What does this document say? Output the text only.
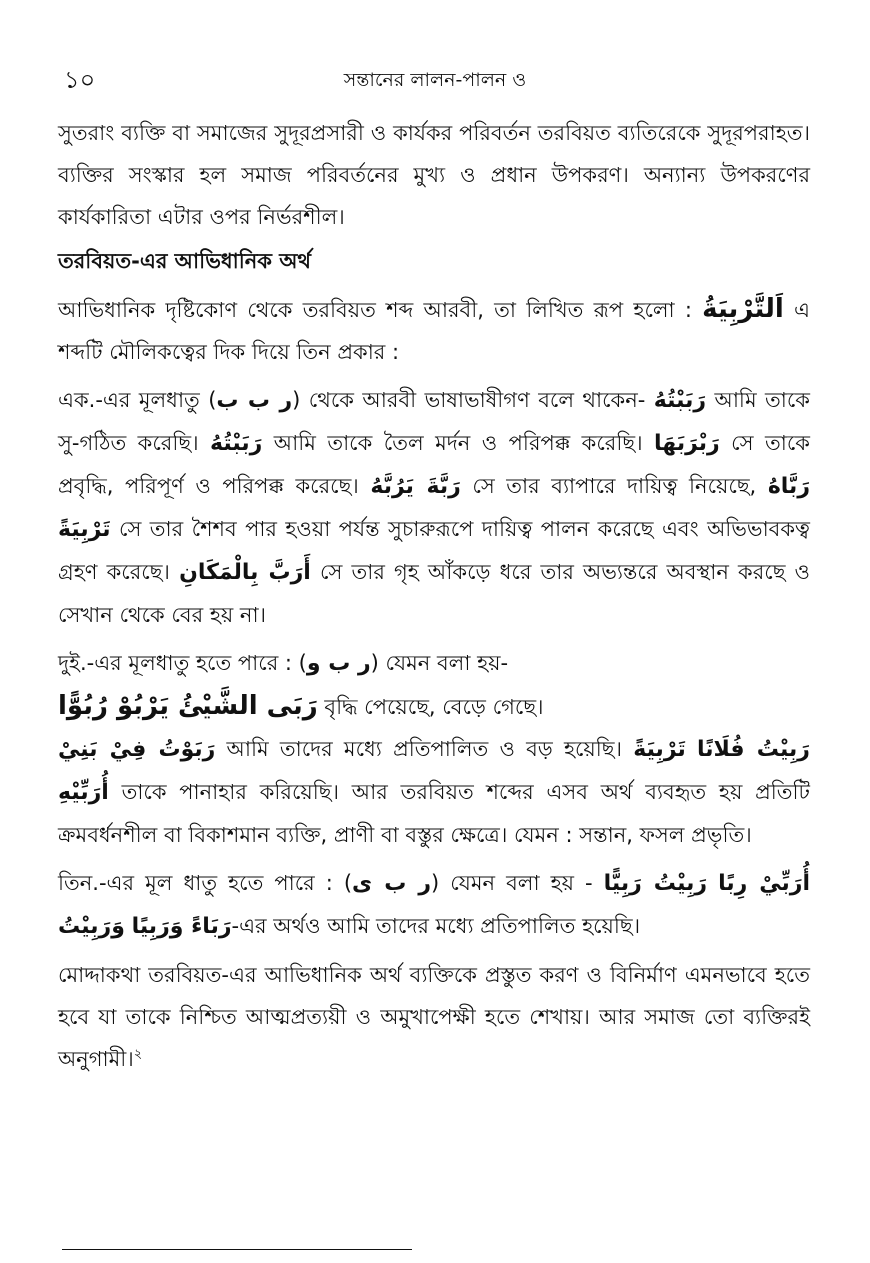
১০	সন্তানের লালন-পালন ও

সুতরাং ব্যক্তি বা সমাজের সুদূরপ্রসারী ও কার্যকর পরিবর্তন তরবিয়ত ব্যতিরেকে সুদূরপরাহত। ব্যক্তির সংস্কার হল সমাজ পরিবর্তনের মুখ্য ও প্রধান উপকরণ। অন্যান্য উপকরণের কার্যকারিতা এটার ওপর নির্ভরশীল।

তরবিয়ত-এর আভিধানিক অর্থ

আভিধানিক দৃষ্টিকোণ থেকে তরবিয়ত শব্দ আরবী, তা লিখিত রূপ হলো : اَلتَّرْبِيَةُ এ শব্দটি মৌলিকত্বের দিক দিয়ে তিন প্রকার :

এক.-এর মূলধাতু (ر ب ب) থেকে আরবী ভাষাভাষীগণ বলে থাকেন- رَبَبْتُهُ আমি তাকে সু-গঠিত করেছি। رَبَبْتُهُ আমি তাকে তৈল মর্দন ও পরিপক্ক করেছি। رَبْرَبَهَا সে তাকে প্রবৃদ্ধি, পরিপূর্ণ ও পরিপক্ক করেছে। رَبَّةَ يَرُبَّهُ সে তার ব্যাপারে দায়িত্ব নিয়েছে, رَبَّاهُ تَرْبِيَةً সে তার শৈশব পার হওয়া পর্যন্ত সুচারুরূপে দায়িত্ব পালন করেছে এবং অভিভাবকত্ব গ্রহণ করেছে। أَرَبَّ بِالْمَكَانِ সে তার গৃহ আঁকড়ে ধরে তার অভ্যন্তরে অবস্থান করছে ও সেখান থেকে বের হয় না।

দুই.-এর মূলধাতু হতে পারে : (ر ب و) যেমন বলা হয়-
رَبَى الشَّيْئُ يَرْبُوْ رُبُوًّا বৃদ্ধি পেয়েছে, বেড়ে গেছে।
رَبَوْتُ فِيْ بَنِيْ আমি তাদের মধ্যে প্রতিপালিত ও বড় হয়েছি। تَرْبِيَةً رَبِيْتُ فُلَانًا أُرَبِّيْهِ তাকে পানাহার করিয়েছি। আর তরবিয়ত শব্দের এসব অর্থ ব্যবহৃত হয় প্রতিটি ক্রমবর্ধনশীল বা বিকাশমান ব্যক্তি, প্রাণী বা বস্তুর ক্ষেত্রে। যেমন : সন্তান, ফসল প্রভৃতি।

তিন.-এর মূল ধাতু হতে পারে : (ر ب ى) যেমন বলা হয় - رَبِيْتُ رَبِيًّا أُرَبِّيْ رِبًا وَرَبِيْتُ رَبَاءً وَرَبِيًا-এর অর্থও আমি তাদের মধ্যে প্রতিপালিত হয়েছি।

মোদ্দাকথা তরবিয়ত-এর আভিধানিক অর্থ ব্যক্তিকে প্রস্তুত করণ ও বিনির্মাণ এমনভাবে হতে হবে যা তাকে নিশ্চিত আত্মপ্রত্যয়ী ও অমুখাপেক্ষী হতে শেখায়। আর সমাজ তো ব্যক্তিরই অনুগামী।$^২$
